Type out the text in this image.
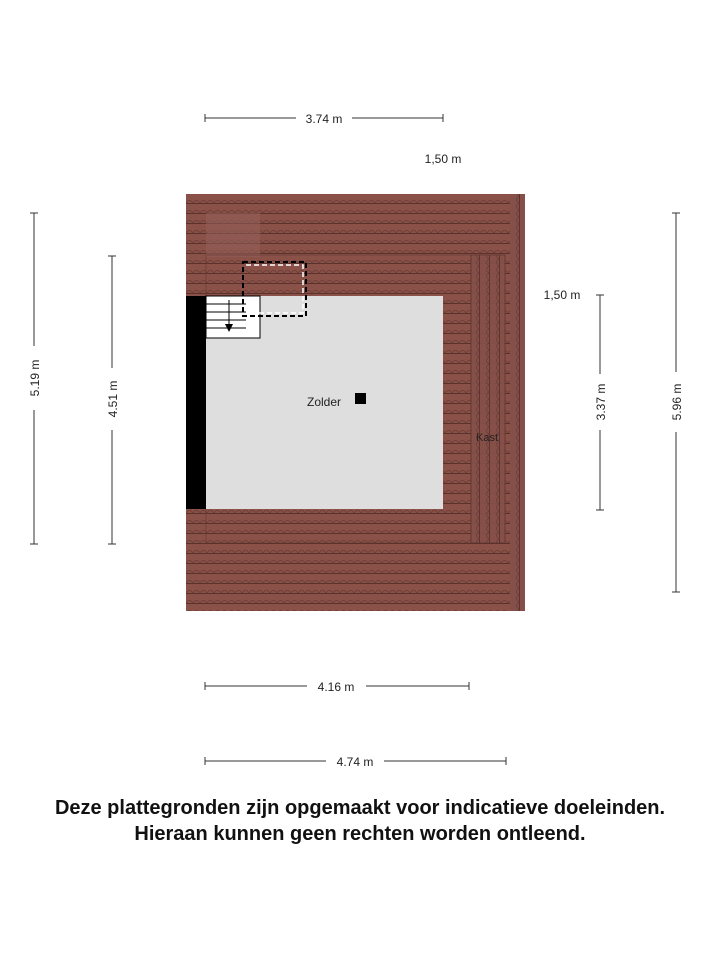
Zolder
Kast
3.74 m
1,50 m
1,50 m
5.19 m
4.51 m	3.37 m	5.96 m
4.16 m
4.74 m
Deze plattegronden zijn opgemaakt voor indicatieve doeleinden.
Hieraan kunnen geen rechten worden ontleend.
